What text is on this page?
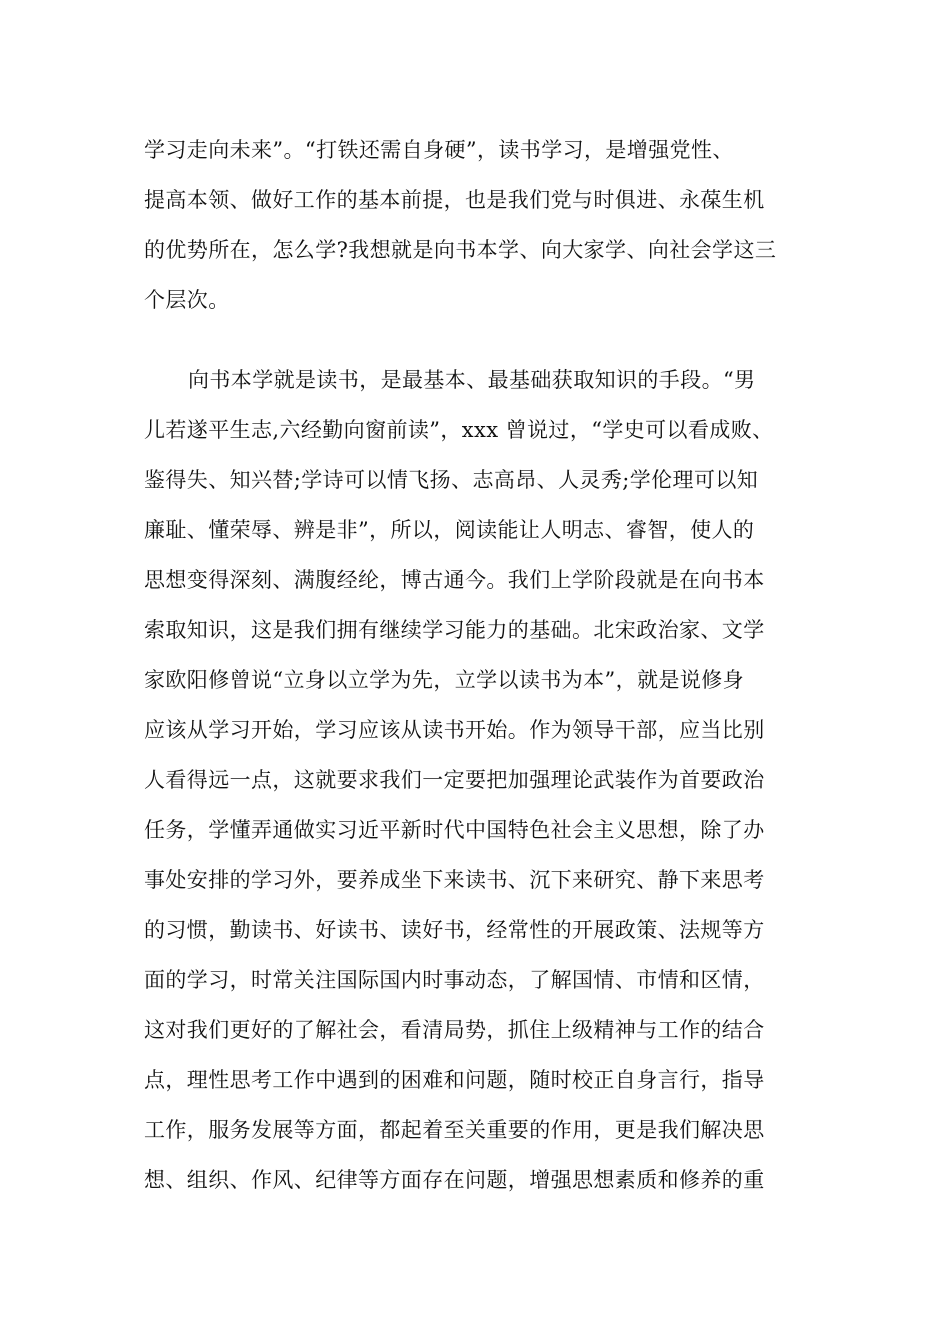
学习走向未来”。“打铁还需自身硬”，读书学习，是增强党性、
提高本领、做好工作的基本前提，也是我们党与时俱进、永葆生机
的优势所在，怎么学?我想就是向书本学、向大家学、向社会学这三
个层次。
向书本学就是读书，是最基本、最基础获取知识的手段。“男
儿若遂平生志,六经勤向窗前读”，xxx 曾说过，“学史可以看成败、
鉴得失、知兴替;学诗可以情飞扬、志高昂、人灵秀;学伦理可以知
廉耻、懂荣辱、辨是非”，所以，阅读能让人明志、睿智，使人的
思想变得深刻、满腹经纶，博古通今。我们上学阶段就是在向书本
索取知识，这是我们拥有继续学习能力的基础。北宋政治家、文学
家欧阳修曾说“立身以立学为先，立学以读书为本”，就是说修身
应该从学习开始，学习应该从读书开始。作为领导干部，应当比别
人看得远一点，这就要求我们一定要把加强理论武装作为首要政治
任务，学懂弄通做实习近平新时代中国特色社会主义思想，除了办
事处安排的学习外，要养成坐下来读书、沉下来研究、静下来思考
的习惯，勤读书、好读书、读好书，经常性的开展政策、法规等方
面的学习，时常关注国际国内时事动态，了解国情、市情和区情，
这对我们更好的了解社会，看清局势，抓住上级精神与工作的结合
点，理性思考工作中遇到的困难和问题，随时校正自身言行，指导
工作，服务发展等方面，都起着至关重要的作用，更是我们解决思
想、组织、作风、纪律等方面存在问题，增强思想素质和修养的重
